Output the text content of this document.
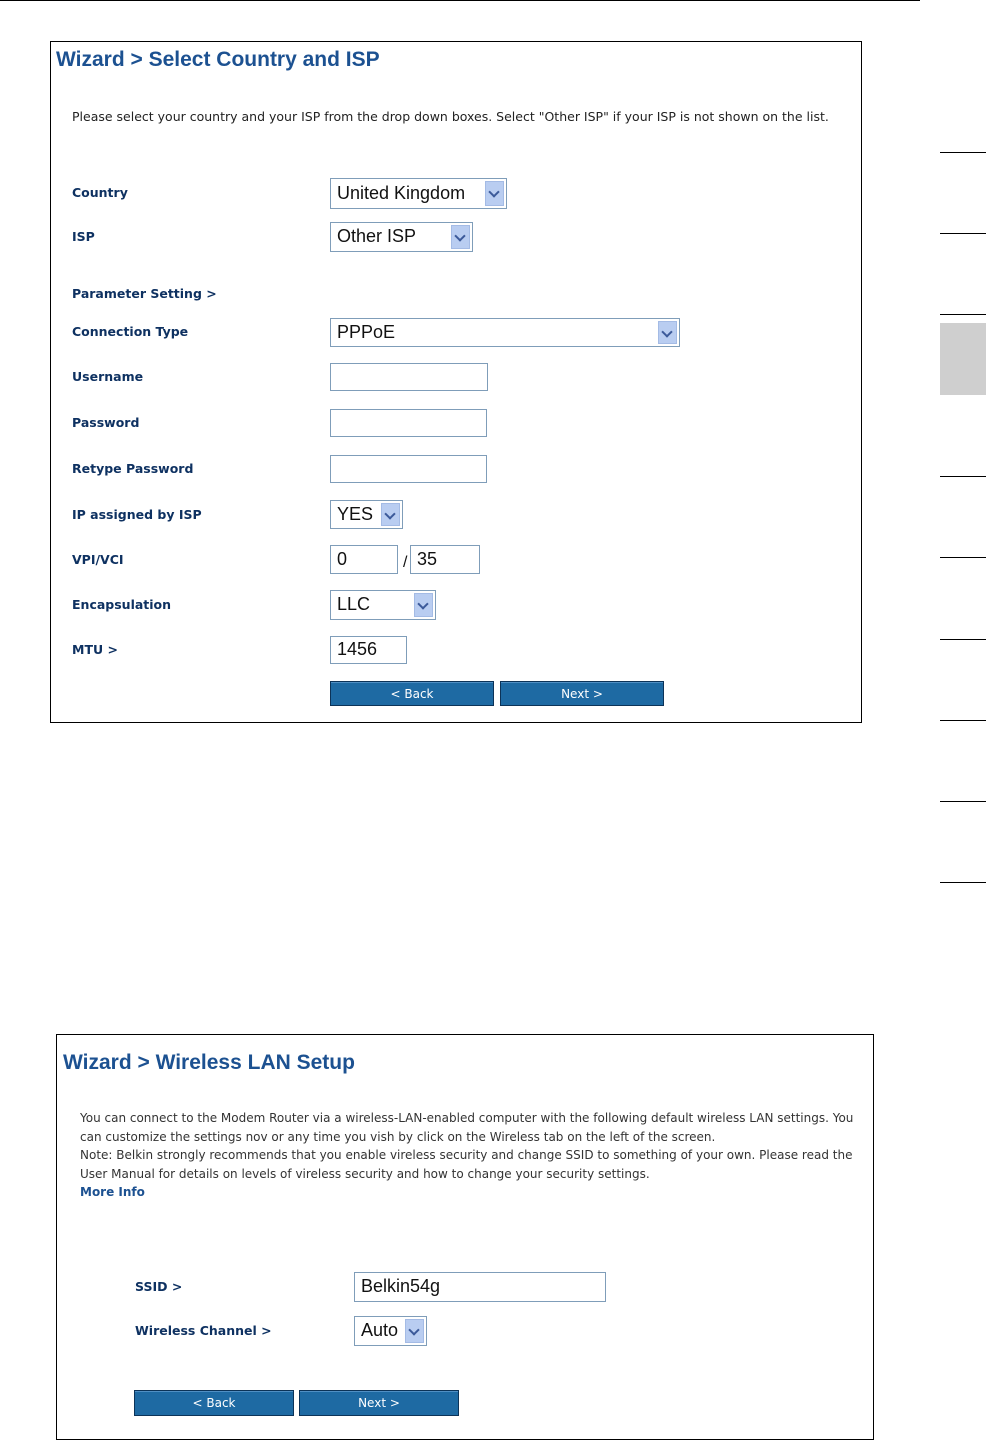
Wizard > Select Country and ISP
Please select your country and your ISP from the drop down boxes. Select "Other ISP" if your ISP is not shown on the list.
Country	United Kingdom
ISP	Other ISP
Parameter Setting >
Connection Type	PPPoE
Username
Password
Retype Password
IP assigned by ISP	YES
VPI/VCI	0	/ 35
Encapsulation	LLC
MTU >	1456
< Back	Next >
Wizard > Wireless LAN Setup
You can connect to the Modem Router via a wireless-LAN-enabled computer with the following default wireless LAN settings. You can customize the settings nov or any time you vish by click on the Wireless tab on the left of the screen.
Note: Belkin strongly recommends that you enable vireless security and change SSID to something of your own. Please read the User Manual for details on levels of vireless security and how to change your security settings.
More Info
SSID >	Belkin54g
Wireless Channel >	Auto
< Back	Next >
